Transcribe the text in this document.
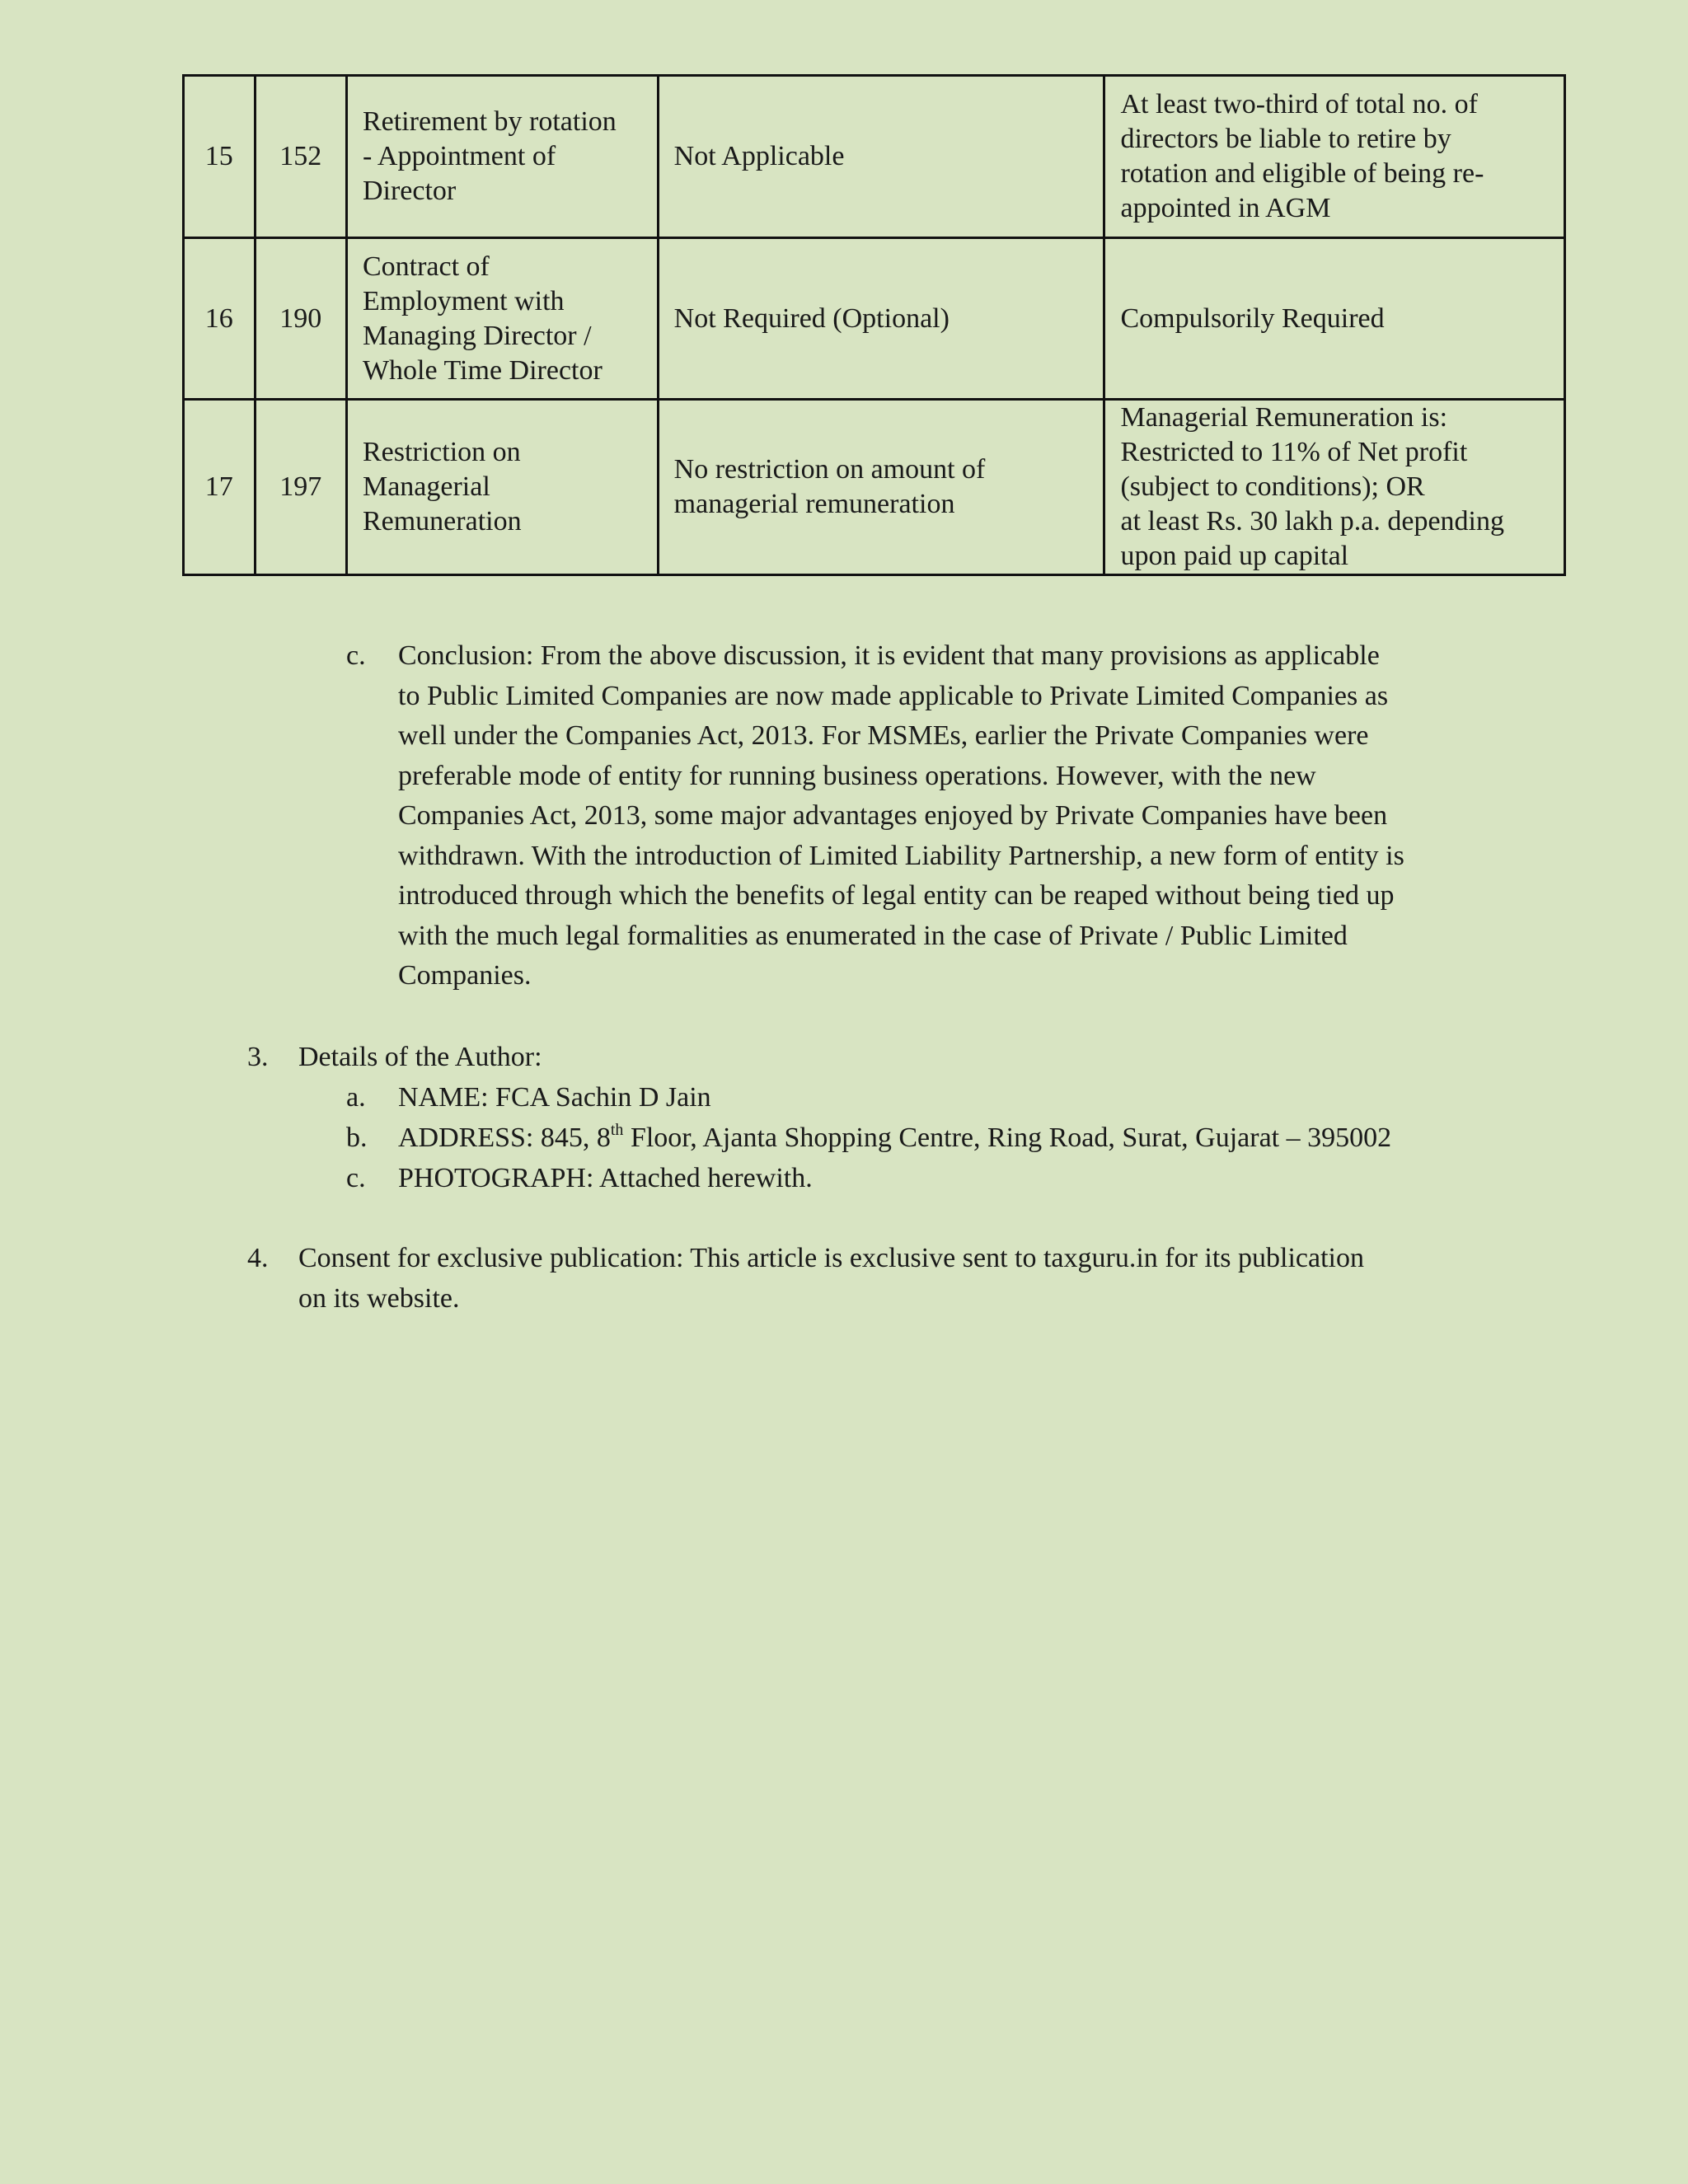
15	152	Retirement by rotation
- Appointment of
Director	Not Applicable	At least two-third of total no. of
directors be liable to retire by
rotation and eligible of being re-
appointed in AGM

16	190	Contract of
Employment with
Managing Director /
Whole Time Director	Not Required (Optional)	Compulsorily Required

17	197	Restriction on
Managerial
Remuneration	No restriction on amount of
managerial remuneration	Managerial Remuneration is:
Restricted to 11% of Net profit
(subject to conditions); OR
at least Rs. 30 lakh p.a. depending
upon paid up capital
c. Conclusion: From the above discussion, it is evident that many provisions as applicable
to Public Limited Companies are now made applicable to Private Limited Companies as
well under the Companies Act, 2013. For MSMEs, earlier the Private Companies were
preferable mode of entity for running business operations. However, with the new
Companies Act, 2013, some major advantages enjoyed by Private Companies have been
withdrawn. With the introduction of Limited Liability Partnership, a new form of entity is
introduced through which the benefits of legal entity can be reaped without being tied up
with the much legal formalities as enumerated in the case of Private / Public Limited
Companies.
3. Details of the Author:
a. NAME: FCA Sachin D Jain
b. ADDRESS: 845, 8th Floor, Ajanta Shopping Centre, Ring Road, Surat, Gujarat – 395002
c. PHOTOGRAPH: Attached herewith.
4. Consent for exclusive publication: This article is exclusive sent to taxguru.in for its publication
on its website.
